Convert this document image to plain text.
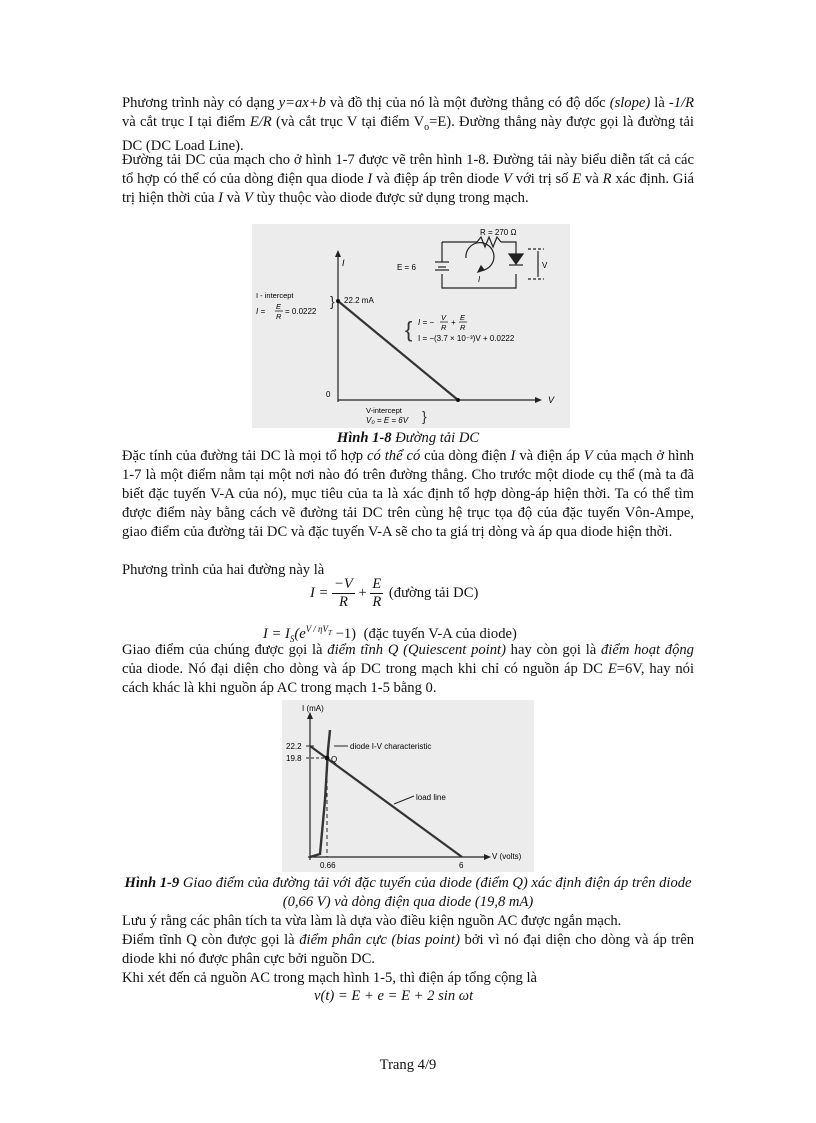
Phương trình này có dạng y=ax+b và đồ thị của nó là một đường thẳng có độ dốc (slope) là -1/R và cắt trục I tại điểm E/R (và cắt trục V tại điểm $V_o=E$). Đường thẳng này được gọi là đường tải DC (DC Load Line).

Đường tải DC của mạch cho ở hình 1-7 được vẽ trên hình 1-8. Đường tải này biểu diễn tất cả các tổ hợp có thể có của dòng điện qua diode I và điệp áp trên diode V với trị số E và R xác định. Giá trị hiện thời của I và V tùy thuộc vào diode được sử dụng trong mạch.

R = 270 Ω
E = 6	V
I
I
V
0
I - intercept
I =
E
R
= 0.0222
} 22.2 mA
{ I = −
V
R
+
E
R
I = −(3.7 × 10⁻³)V + 0.0222
V-intercept
V₀ = E = 6V }
Hình 1-8 Đường tải DC

Đặc tính của đường tải DC là mọi tổ hợp có thể có của dòng điện I và điện áp V của mạch ở hình 1-7 là một điểm nằm tại một nơi nào đó trên đường thẳng. Cho trước một diode cụ thể (mà ta đã biết đặc tuyến V-A của nó), mục tiêu của ta là xác định tổ hợp dòng-áp hiện thời. Ta có thể tìm được điểm này bằng cách vẽ đường tải DC trên cùng hệ trục tọa độ của đặc tuyến Vôn-Ampe, giao điểm của đường tải DC và đặc tuyến V-A sẽ cho ta giá trị dòng và áp qua diode hiện thời.

Phương trình của hai đường này là

$I = \frac{-V}{R} + \frac{E}{R}$ (đường tải DC)
$I = I_S(e^{V / \eta V_T} -1)$ (đặc tuyến V-A của diode)

Giao điểm của chúng được gọi là điểm tĩnh Q (Quiescent point) hay còn gọi là điểm hoạt động của diode. Nó đại diện cho dòng và áp DC trong mạch khi chỉ có nguồn áp DC E=6V, hay nói cách khác là khi nguồn áp AC trong mạch 1-5 bằng 0.

I (mA)
V (volts)
22.2
19.8	Q
diode I-V characteristic
load line
0.66	6
Hình 1-9 Giao điểm của đường tải với đặc tuyến của diode (điểm Q) xác định điện áp trên diode (0,66 V) và dòng điện qua diode (19,8 mA)

Lưu ý rằng các phân tích ta vừa làm là dựa vào điều kiện nguồn AC được ngắn mạch.

Điểm tĩnh Q còn được gọi là điểm phân cực (bias point) bởi vì nó đại diện cho dòng và áp trên diode khi nó được phân cực bởi nguồn DC.

Khi xét đến cả nguồn AC trong mạch hình 1-5, thì điện áp tổng cộng là

v(t) = E + e = E + 2 sin ωt
Trang 4/9
